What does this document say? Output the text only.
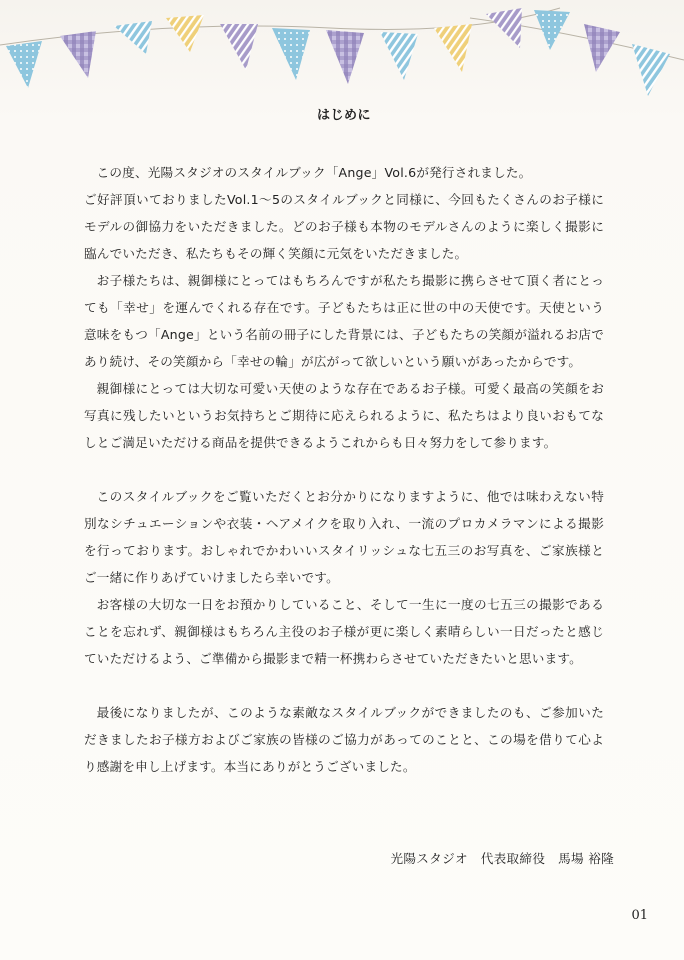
はじめに

この度、光陽スタジオのスタイルブック「Ange」Vol.6が発行されました。

ご好評頂いておりましたVol.1～5のスタイルブックと同様に、今回もたくさんのお子様にモデルの御協力をいただきました。どのお子様も本物のモデルさんのように楽しく撮影に臨んでいただき、私たちもその輝く笑顔に元気をいただきました。

お子様たちは、親御様にとってはもちろんですが私たち撮影に携らさせて頂く者にとっても「幸せ」を運んでくれる存在です。子どもたちは正に世の中の天使です。天使という意味をもつ「Ange」という名前の冊子にした背景には、子どもたちの笑顔が溢れるお店であり続け、その笑顔から「幸せの輪」が広がって欲しいという願いがあったからです。

親御様にとっては大切な可愛い天使のような存在であるお子様。可愛く最高の笑顔をお写真に残したいというお気持ちとご期待に応えられるように、私たちはより良いおもてなしとご満足いただける商品を提供できるようこれからも日々努力をして参ります。

このスタイルブックをご覧いただくとお分かりになりますように、他では味わえない特別なシチュエーションや衣装・ヘアメイクを取り入れ、一流のプロカメラマンによる撮影を行っております。おしゃれでかわいいスタイリッシュな七五三のお写真を、ご家族様とご一緒に作りあげていけましたら幸いです。

お客様の大切な一日をお預かりしていること、そして一生に一度の七五三の撮影であることを忘れず、親御様はもちろん主役のお子様が更に楽しく素晴らしい一日だったと感じていただけるよう、ご準備から撮影まで精一杯携わらさせていただきたいと思います。

最後になりましたが、このような素敵なスタイルブックができましたのも、ご参加いただきましたお子様方およびご家族の皆様のご協力があってのことと、この場を借りて心より感謝を申し上げます。本当にありがとうございました。

光陽スタジオ　代表取締役　馬場 裕隆
01
